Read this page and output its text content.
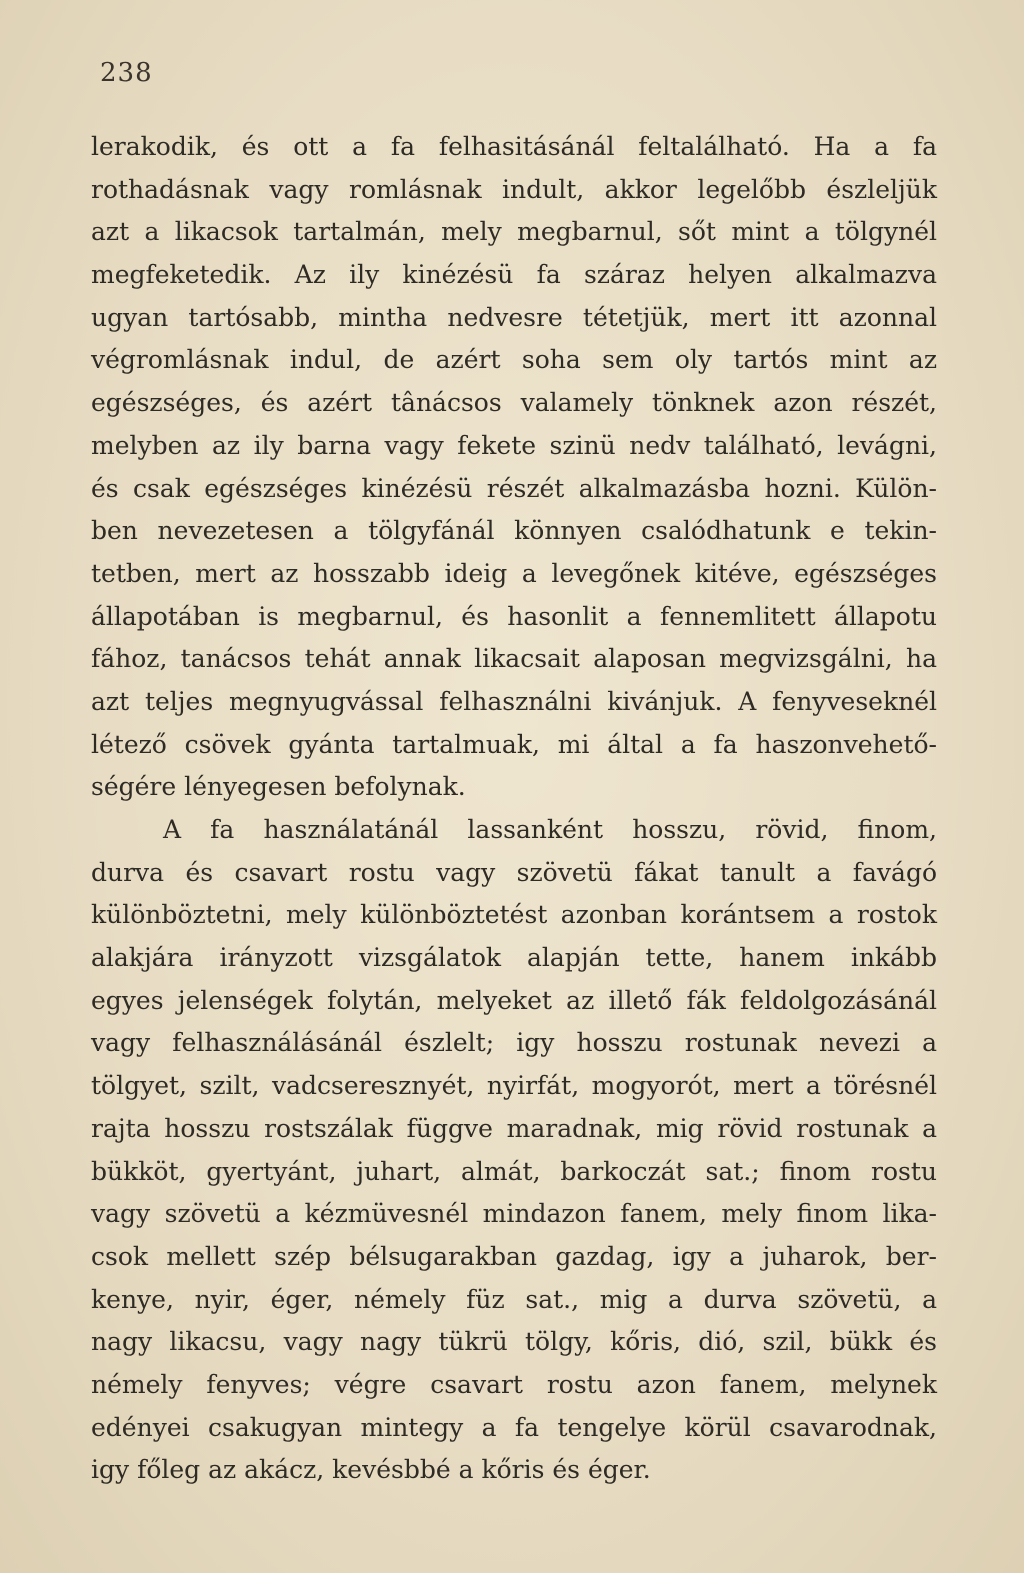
238
lerakodik, és ott a fa felhasitásánál feltalálható. Ha a fa
rothadásnak vagy romlásnak indult, akkor legelőbb észleljük
azt a likacsok tartalmán, mely megbarnul, sőt mint a tölgynél
megfeketedik. Az ily kinézésü fa száraz helyen alkalmazva
ugyan tartósabb, mintha nedvesre tétetjük, mert itt azonnal
végromlásnak indul, de azért soha sem oly tartós mint az
egészséges, és azért tânácsos valamely tönknek azon részét,
melyben az ily barna vagy fekete szinü nedv található, levágni,
és csak egészséges kinézésü részét alkalmazásba hozni. Külön-
ben nevezetesen a tölgyfánál könnyen csalódhatunk e tekin-
tetben, mert az hosszabb ideig a levegőnek kitéve, egészséges
állapotában is megbarnul, és hasonlit a fennemlitett állapotu
fához, tanácsos tehát annak likacsait alaposan megvizsgálni, ha
azt teljes megnyugvással felhasználni kivánjuk. A fenyveseknél
létező csövek gyánta tartalmuak, mi által a fa haszonvehető-
ségére lényegesen befolynak.
A fa használatánál lassanként hosszu, rövid, finom,
durva és csavart rostu vagy szövetü fákat tanult a favágó
különböztetni, mely különböztetést azonban korántsem a rostok
alakjára irányzott vizsgálatok alapján tette, hanem inkább
egyes jelenségek folytán, melyeket az illető fák feldolgozásánál
vagy felhasználásánál észlelt; igy hosszu rostunak nevezi a
tölgyet, szilt, vadcseresznyét, nyirfát, mogyorót, mert a törésnél
rajta hosszu rostszálak függve maradnak, mig rövid rostunak a
bükköt, gyertyánt, juhart, almát, barkoczát sat.; finom rostu
vagy szövetü a kézmüvesnél mindazon fanem, mely finom lika-
csok mellett szép bélsugarakban gazdag, igy a juharok, ber-
kenye, nyir, éger, némely füz sat., mig a durva szövetü, a
nagy likacsu, vagy nagy tükrü tölgy, kőris, dió, szil, bükk és
némely fenyves; végre csavart rostu azon fanem, melynek
edényei csakugyan mintegy a fa tengelye körül csavarodnak,
igy főleg az akácz, kevésbbé a kőris és éger.
